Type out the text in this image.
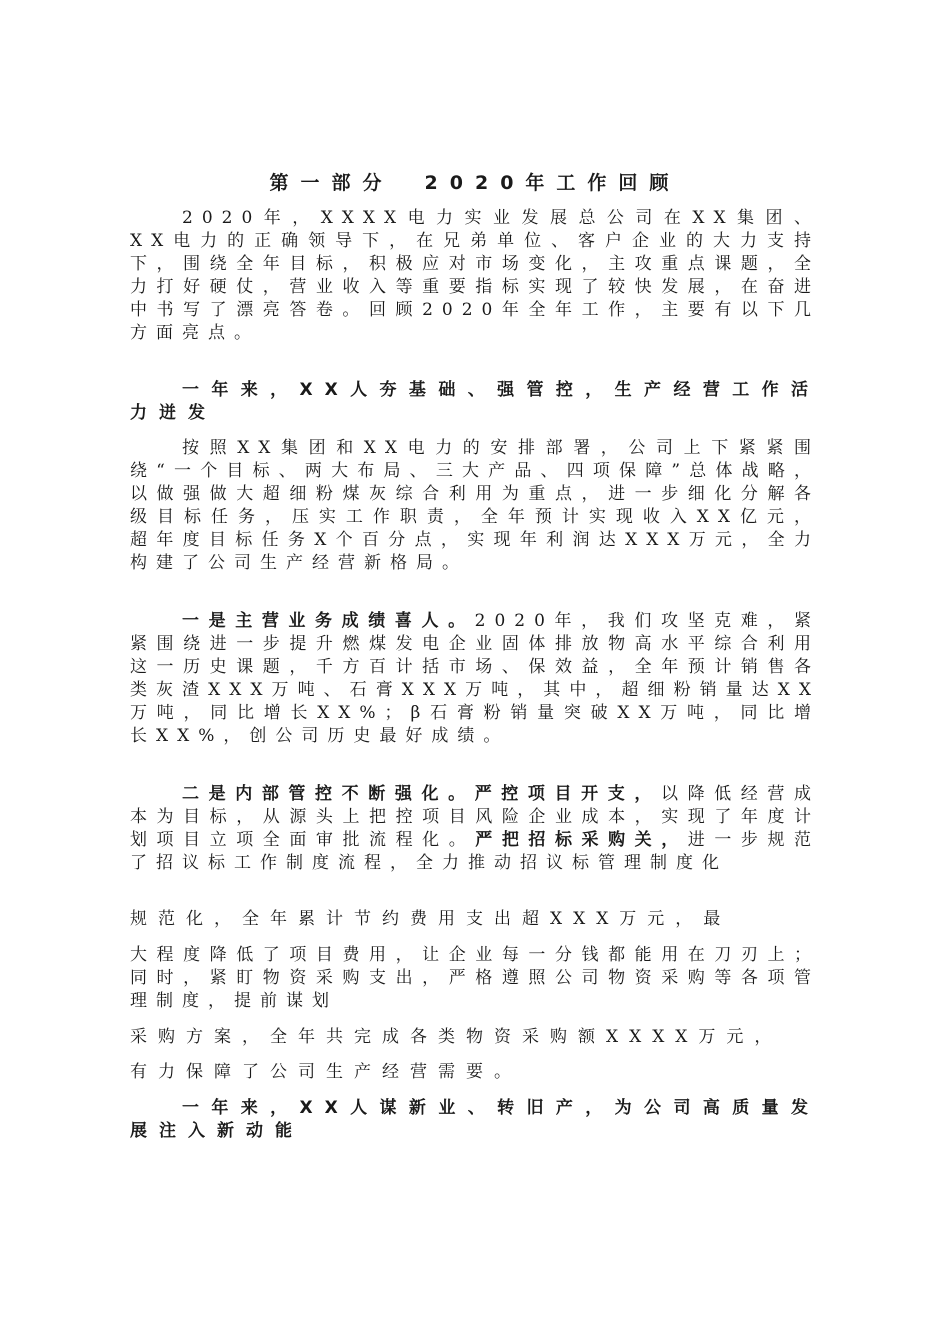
第一部分　2020年工作回顾

2020年，XXXX电力实业发展总公司在XX集团、XX电力的正确领导下，在兄弟单位、客户企业的大力支持下，围绕全年目标，积极应对市场变化，主攻重点课题，全力打好硬仗，营业收入等重要指标实现了较快发展，在奋进中书写了漂亮答卷。回顾2020年全年工作，主要有以下几方面亮点。

一年来，XX人夯基础、强管控，生产经营工作活力迸发

按照XX集团和XX电力的安排部署，公司上下紧紧围绕“一个目标、两大布局、三大产品、四项保障”总体战略，以做强做大超细粉煤灰综合利用为重点，进一步细化分解各级目标任务，压实工作职责，全年预计实现收入XX亿元，超年度目标任务X个百分点，实现年利润达XXX万元，全力构建了公司生产经营新格局。

一是主营业务成绩喜人。2020年，我们攻坚克难，紧紧围绕进一步提升燃煤发电企业固体排放物高水平综合利用这一历史课题，千方百计括市场、保效益，全年预计销售各类灰渣XXX万吨、石膏XXX万吨，其中，超细粉销量达XX万吨，同比增长XX%；β石膏粉销量突破XX万吨，同比增长XX%，创公司历史最好成绩。

二是内部管控不断强化。严控项目开支，以降低经营成本为目标，从源头上把控项目风险企业成本，实现了年度计划项目立项全面审批流程化。严把招标采购关，进一步规范了招议标工作制度流程，全力推动招议标管理制度化

规范化，全年累计节约费用支出超XXX万元，最

大程度降低了项目费用，让企业每一分钱都能用在刀刃上；同时，紧盯物资采购支出，严格遵照公司物资采购等各项管理制度，提前谋划

采购方案，全年共完成各类物资采购额XXXX万元，

有力保障了公司生产经营需要。

一年来，XX人谋新业、转旧产，为公司高质量发展注入新动能
